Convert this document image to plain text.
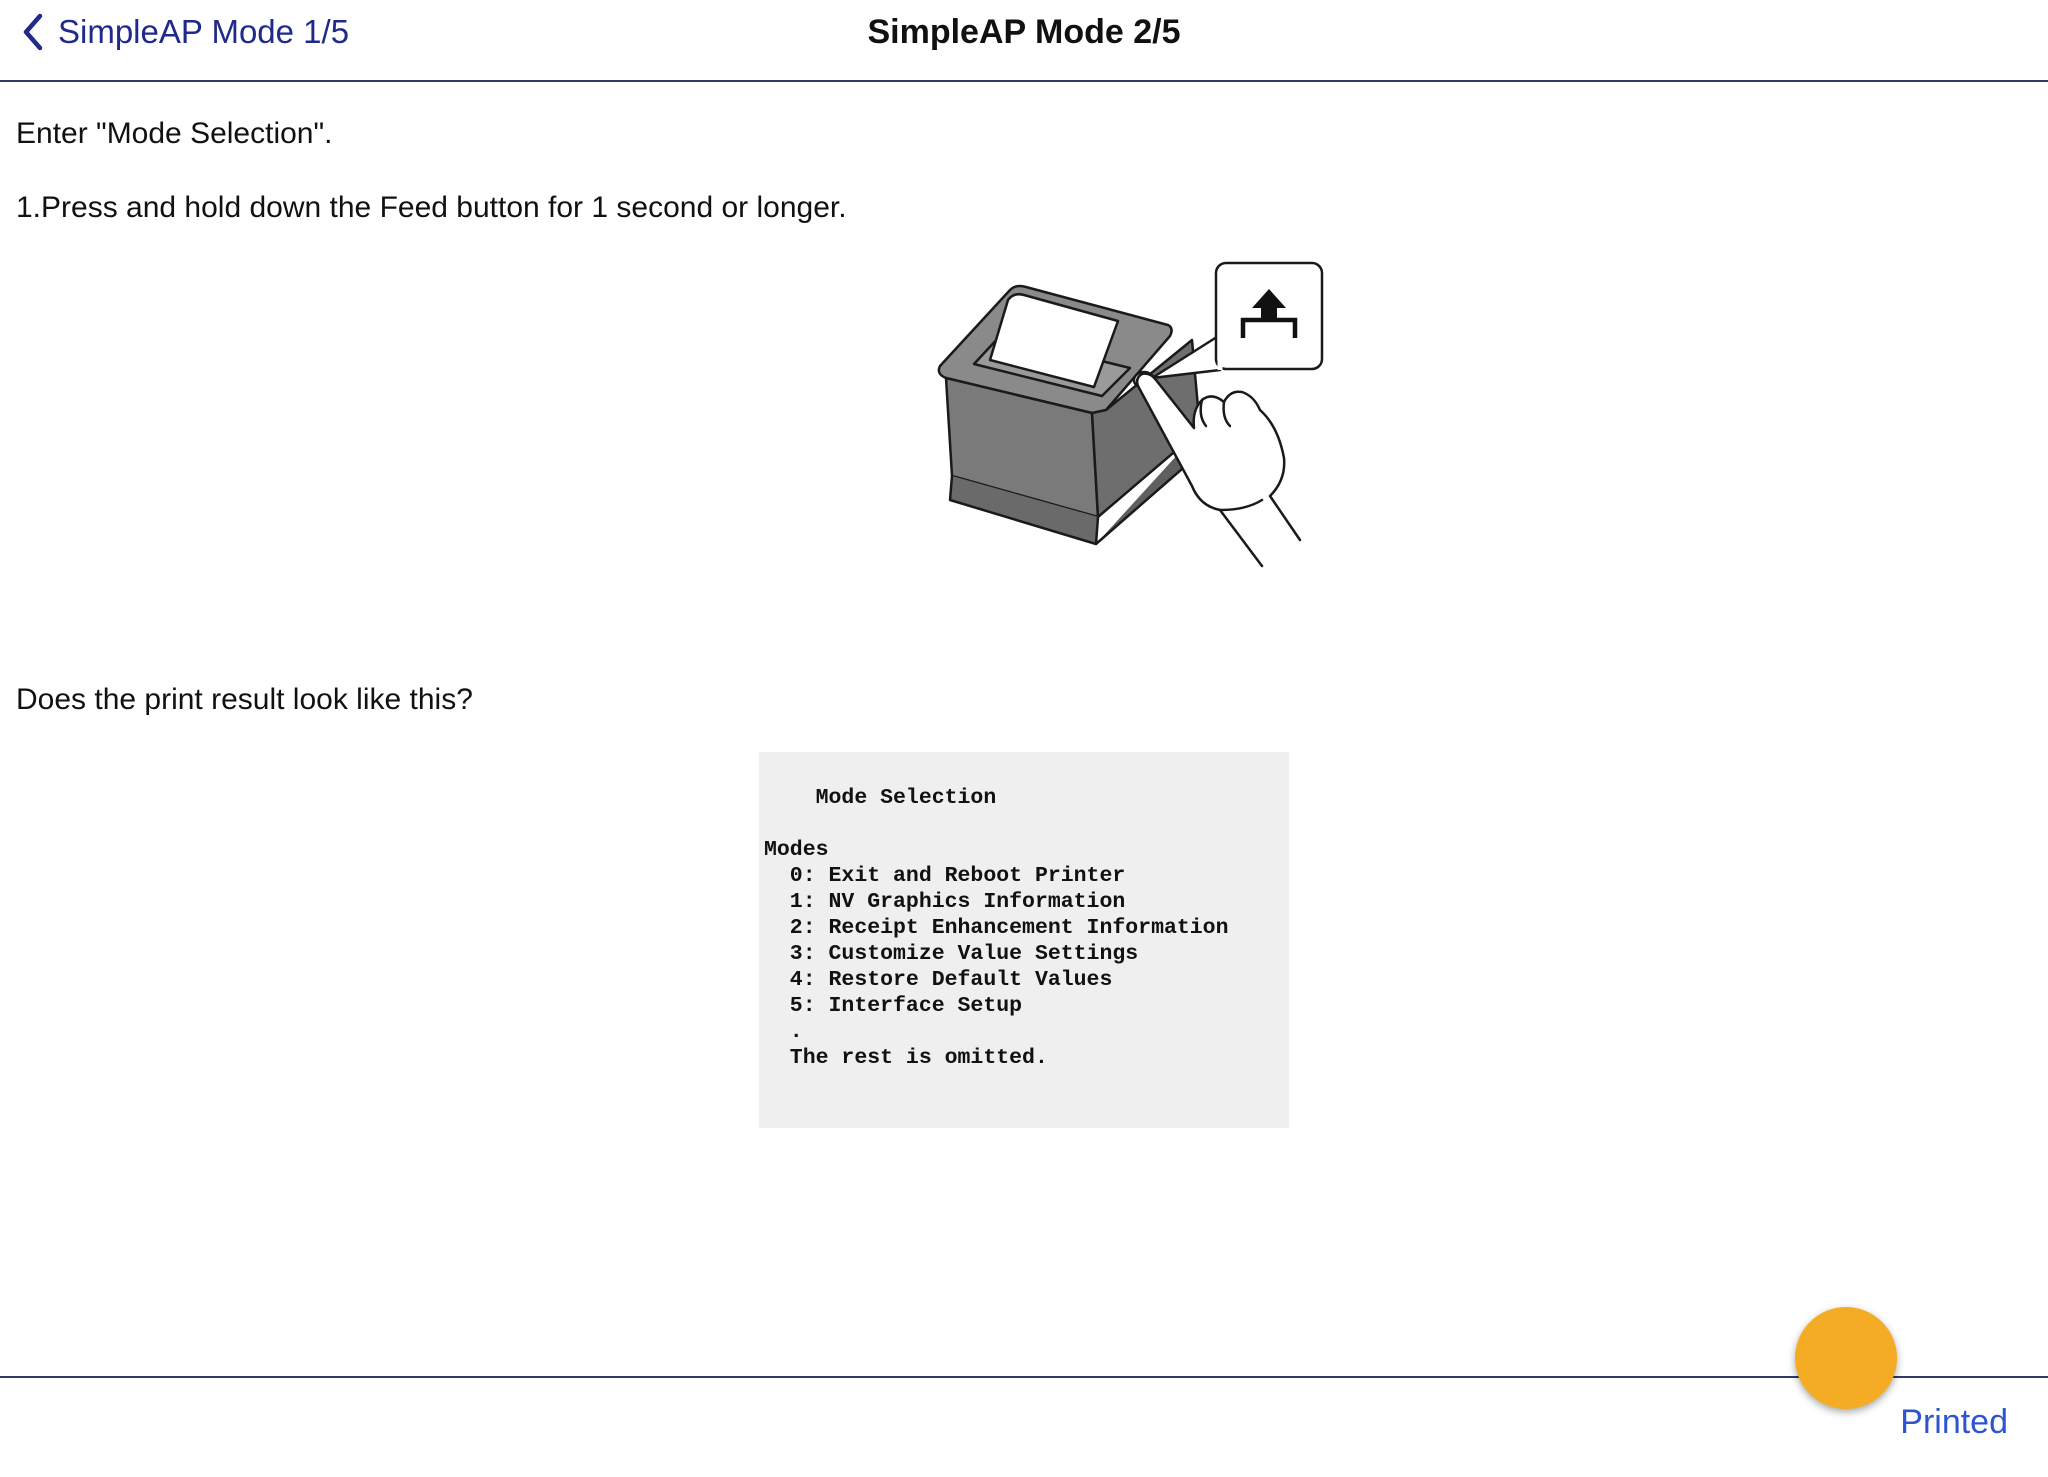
SimpleAP Mode 1/5	SimpleAP Mode 2/5
Enter "Mode Selection".
1.Press and hold down the Feed button for 1 second or longer.
Does the print result look like this?
Mode Selection

Modes
0: Exit and Reboot Printer
1: NV Graphics Information
2: Receipt Enhancement Information
3: Customize Value Settings
4: Restore Default Values
5: Interface Setup
.
The rest is omitted.
Printed
